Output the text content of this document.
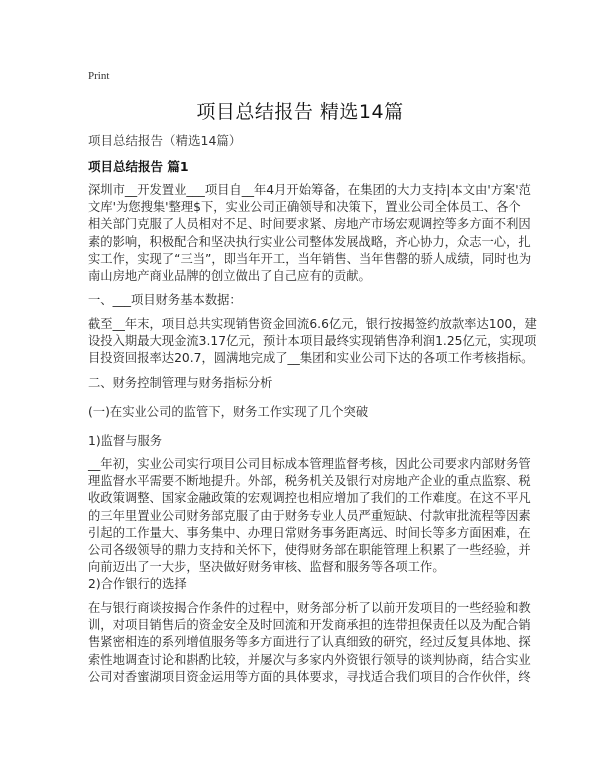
Print
项目总结报告 精选14篇
项目总结报告（精选14篇）
项目总结报告 篇1
深圳市__开发置业___项目自__年4月开始筹备，在集团的大力支持|本文由'方案'范
文库'为您搜集'整理$下，实业公司正确领导和决策下，置业公司全体员工、各个
相关部门克服了人员相对不足、时间要求紧、房地产市场宏观调控等多方面不利因
素的影响，积极配合和坚决执行实业公司整体发展战略，齐心协力，众志一心，扎
实工作，实现了“三当”，即当年开工，当年销售、当年售罄的骄人成绩，同时也为
南山房地产商业品牌的创立做出了自己应有的贡献。
一、___项目财务基本数据：
截至__年末，项目总共实现销售资金回流6.6亿元，银行按揭签约放款率达100，建
设投入期最大现金流3.17亿元，预计本项目最终实现销售净利润1.25亿元，实现项
目投资回报率达20.7，圆满地完成了__集团和实业公司下达的各项工作考核指标。
二、财务控制管理与财务指标分析
(一)在实业公司的监管下，财务工作实现了几个突破
1)监督与服务
__年初，实业公司实行项目公司目标成本管理监督考核，因此公司要求内部财务管
理监督水平需要不断地提升。外部，税务机关及银行对房地产企业的重点监察、税
收政策调整、国家金融政策的宏观调控也相应增加了我们的工作难度。在这不平凡
的三年里置业公司财务部克服了由于财务专业人员严重短缺、付款审批流程等因素
引起的工作量大、事务集中、办理日常财务事务距离远、时间长等多方面困难，在
公司各级领导的鼎力支持和关怀下，使得财务部在职能管理上积累了一些经验，并
向前迈出了一大步，坚决做好财务审核、监督和服务等各项工作。
2)合作银行的选择
在与银行商谈按揭合作条件的过程中，财务部分析了以前开发项目的一些经验和教
训，对项目销售后的资金安全及时回流和开发商承担的连带担保责任以及为配合销
售紧密相连的系列增值服务等多方面进行了认真细致的研究，经过反复具体地、探
索性地调查讨论和斟酌比较，并屡次与多家内外资银行领导的谈判协商，结合实业
公司对香蜜湖项目资金运用等方面的具体要求，寻找适合我们项目的合作伙伴，终
